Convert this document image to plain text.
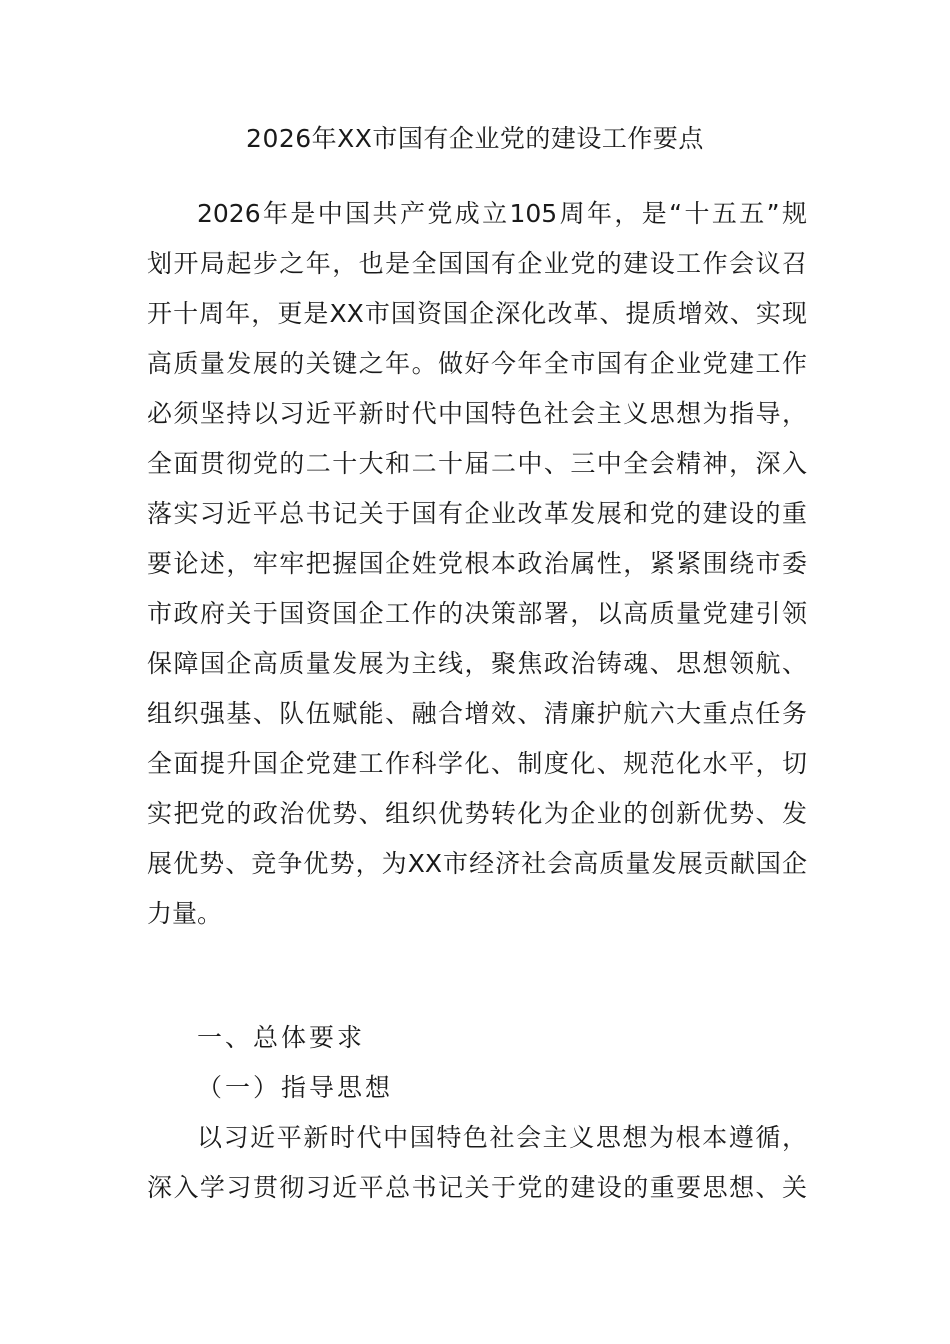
2026年XX市国有企业党的建设工作要点
2026年是中国共产党成立105周年，是“十五五”规
划开局起步之年，也是全国国有企业党的建设工作会议召
开十周年，更是XX市国资国企深化改革、提质增效、实现
高质量发展的关键之年。做好今年全市国有企业党建工作
必须坚持以习近平新时代中国特色社会主义思想为指导，
全面贯彻党的二十大和二十届二中、三中全会精神，深入
落实习近平总书记关于国有企业改革发展和党的建设的重
要论述，牢牢把握国企姓党根本政治属性，紧紧围绕市委
市政府关于国资国企工作的决策部署，以高质量党建引领
保障国企高质量发展为主线，聚焦政治铸魂、思想领航、
组织强基、队伍赋能、融合增效、清廉护航六大重点任务
全面提升国企党建工作科学化、制度化、规范化水平，切
实把党的政治优势、组织优势转化为企业的创新优势、发
展优势、竞争优势，为XX市经济社会高质量发展贡献国企
力量。
一、总体要求
（一）指导思想
以习近平新时代中国特色社会主义思想为根本遵循，
深入学习贯彻习近平总书记关于党的建设的重要思想、关
